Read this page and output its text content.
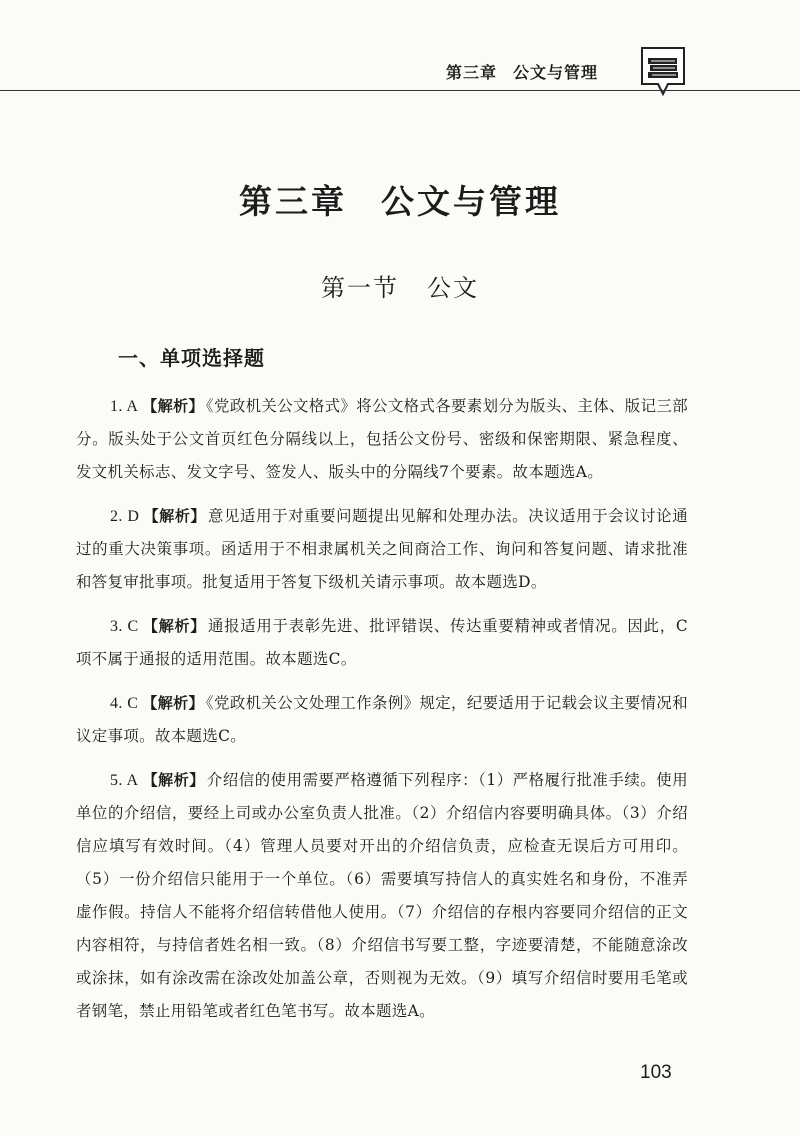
第三章 公文与管理
第三章 公文与管理
第一节 公文
一、单项选择题

1. A 【解析】 《党政机关公文格式》将公文格式各要素划分为版头、主体、版记三部分。版头处于公文首页红色分隔线以上，包括公文份号、密级和保密期限、紧急程度、发文机关标志、发文字号、签发人、版头中的分隔线7个要素。故本题选A。

2. D 【解析】 意见适用于对重要问题提出见解和处理办法。决议适用于会议讨论通过的重大决策事项。函适用于不相隶属机关之间商洽工作、询问和答复问题、请求批准和答复审批事项。批复适用于答复下级机关请示事项。故本题选D。

3. C 【解析】 通报适用于表彰先进、批评错误、传达重要精神或者情况。因此，C项不属于通报的适用范围。故本题选C。

4. C 【解析】 《党政机关公文处理工作条例》规定，纪要适用于记载会议主要情况和议定事项。故本题选C。

5. A 【解析】 介绍信的使用需要严格遵循下列程序：（1）严格履行批准手续。使用单位的介绍信，要经上司或办公室负责人批准。（2）介绍信内容要明确具体。（3）介绍信应填写有效时间。（4）管理人员要对开出的介绍信负责，应检查无误后方可用印。（5）一份介绍信只能用于一个单位。（6）需要填写持信人的真实姓名和身份，不准弄虚作假。持信人不能将介绍信转借他人使用。（7）介绍信的存根内容要同介绍信的正文内容相符，与持信者姓名相一致。（8）介绍信书写要工整，字迹要清楚，不能随意涂改或涂抹，如有涂改需在涂改处加盖公章，否则视为无效。（9）填写介绍信时要用毛笔或者钢笔，禁止用铅笔或者红色笔书写。故本题选A。

103
